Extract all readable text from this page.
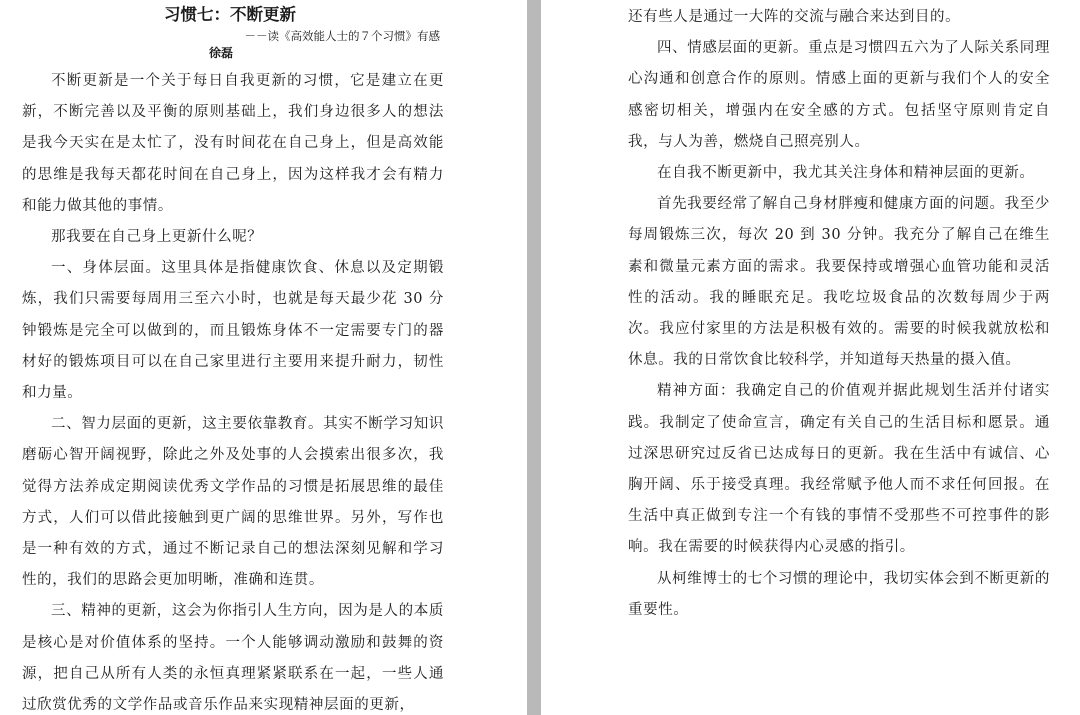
习惯七：不断更新
－－读《高效能人士的７个习惯》有感
徐磊

不断更新是一个关于每日自我更新的习惯，它是建立在更新，不断完善以及平衡的原则基础上，我们身边很多人的想法是我今天实在是太忙了，没有时间花在自己身上，但是高效能的思维是我每天都花时间在自己身上，因为这样我才会有精力和能力做其他的事情。

那我要在自己身上更新什么呢？

一、身体层面。这里具体是指健康饮食、休息以及定期锻炼，我们只需要每周用三至六小时，也就是每天最少花 30 分钟锻炼是完全可以做到的，而且锻炼身体不一定需要专门的器材好的锻炼项目可以在自己家里进行主要用来提升耐力，韧性和力量。

二、智力层面的更新，这主要依靠教育。其实不断学习知识磨砺心智开阔视野，除此之外及处事的人会摸索出很多次，我觉得方法养成定期阅读优秀文学作品的习惯是拓展思维的最佳方式，人们可以借此接触到更广阔的思维世界。另外，写作也是一种有效的方式，通过不断记录自己的想法深刻见解和学习性的，我们的思路会更加明晰，准确和连贯。

三、精神的更新，这会为你指引人生方向，因为是人的本质是核心是对价值体系的坚持。一个人能够调动激励和鼓舞的资源，把自己从所有人类的永恒真理紧紧联系在一起，一些人通过欣赏优秀的文学作品或音乐作品来实现精神层面的更新，

还有些人是通过一大阵的交流与融合来达到目的。

四、情感层面的更新。重点是习惯四五六为了人际关系同理心沟通和创意合作的原则。情感上面的更新与我们个人的安全感密切相关，增强内在安全感的方式。包括坚守原则肯定自我，与人为善，燃烧自己照亮别人。

在自我不断更新中，我尤其关注身体和精神层面的更新。

首先我要经常了解自己身材胖瘦和健康方面的问题。我至少每周锻炼三次，每次 20 到 30 分钟。我充分了解自己在维生素和微量元素方面的需求。我要保持或增强心血管功能和灵活性的活动。我的睡眠充足。我吃垃圾食品的次数每周少于两次。我应付家里的方法是积极有效的。需要的时候我就放松和休息。我的日常饮食比较科学，并知道每天热量的摄入值。

精神方面：我确定自己的价值观并据此规划生活并付诸实践。我制定了使命宣言，确定有关自己的生活目标和愿景。通过深思研究过反省已达成每日的更新。我在生活中有诚信、心胸开阔、乐于接受真理。我经常赋予他人而不求任何回报。在生活中真正做到专注一个有钱的事情不受那些不可控事件的影响。我在需要的时候获得内心灵感的指引。

从柯维博士的七个习惯的理论中，我切实体会到不断更新的重要性。
